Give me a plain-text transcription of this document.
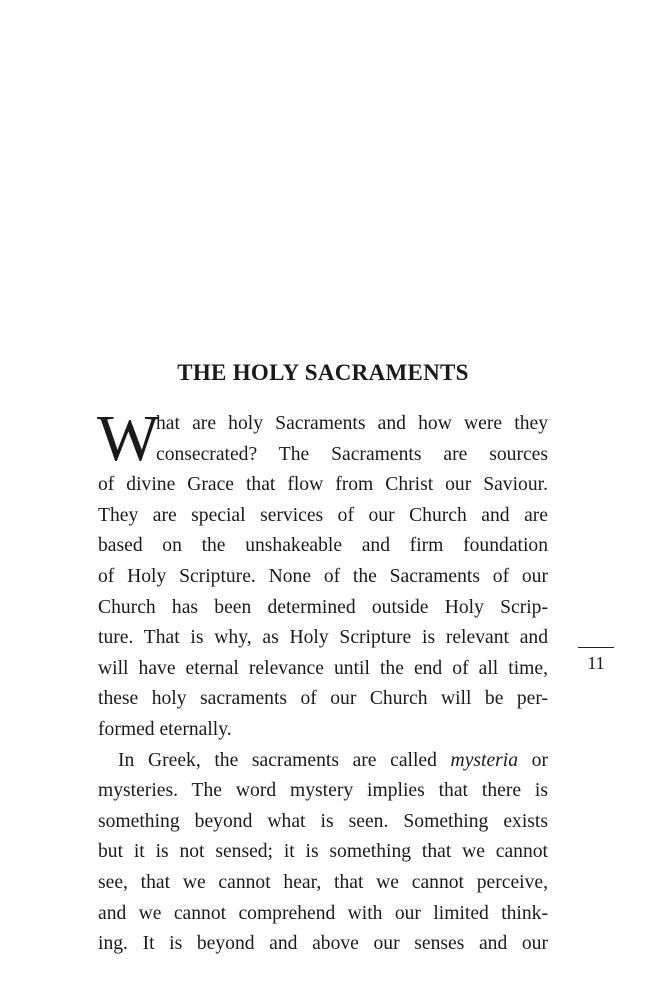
THE HOLY SACRAMENTS
W
hat are holy Sacraments and how were they
consecrated? The Sacraments are sources
of divine Grace that flow from Christ our Saviour.
They are special services of our Church and are
based on the unshakeable and firm foundation
of Holy Scripture. None of the Sacraments of our
Church has been determined outside Holy Scrip-
ture. That is why, as Holy Scripture is relevant and
will have eternal relevance until the end of all time,
these holy sacraments of our Church will be per-
formed eternally.
In Greek, the sacraments are called mysteria or
mysteries. The word mystery implies that there is
something beyond what is seen. Something exists
but it is not sensed; it is something that we cannot
see, that we cannot hear, that we cannot perceive,
and we cannot comprehend with our limited think-
ing. It is beyond and above our senses and our
11
